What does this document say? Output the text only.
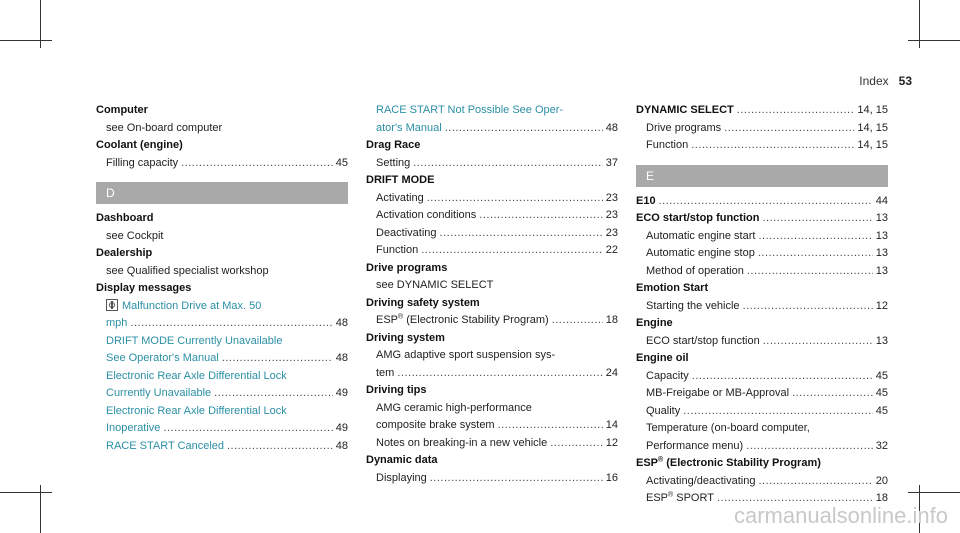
Index 53
Computer
see On-board computer
Coolant (engine)
Filling capacity .....	45
D
Dashboard
see Cockpit
Dealership
see Qualified specialist workshop
Display messages
Malfunction Drive at Max. 50
mph .....	48
DRIFT MODE Currently Unavailable
See Operator's Manual .....	48
Electronic Rear Axle Differential Lock
Currently Unavailable .....	49
Electronic Rear Axle Differential Lock
Inoperative .....	49
RACE START Canceled .....	48
RACE START Not Possible See Oper-
ator's Manual .....	48
Drag Race
Setting .....	37
DRIFT MODE
Activating .....	23
Activation conditions .....	23
Deactivating .....	23
Function .....	22
Drive programs
see DYNAMIC SELECT
Driving safety system
ESP® (Electronic Stability Program) .....	18
Driving system
AMG adaptive sport suspension sys-
tem .....	24
Driving tips
AMG ceramic high-performance
composite brake system .....	14
Notes on breaking-in a new vehicle .....	12
Dynamic data
Displaying .....	16
DYNAMIC SELECT .....	14, 15
Drive programs .....	14, 15
Function .....	14, 15
E
E10 .....	44
ECO start/stop function .....	13
Automatic engine start .....	13
Automatic engine stop .....	13
Method of operation .....	13
Emotion Start
Starting the vehicle .....	12
Engine
ECO start/stop function .....	13
Engine oil
Capacity .....	45
MB-Freigabe or MB-Approval .....	45
Quality .....	45
Temperature (on-board computer,
Performance menu) .....	32
ESP® (Electronic Stability Program)
Activating/deactivating .....	20
ESP® SPORT .....	18
carmanualsonline.info
